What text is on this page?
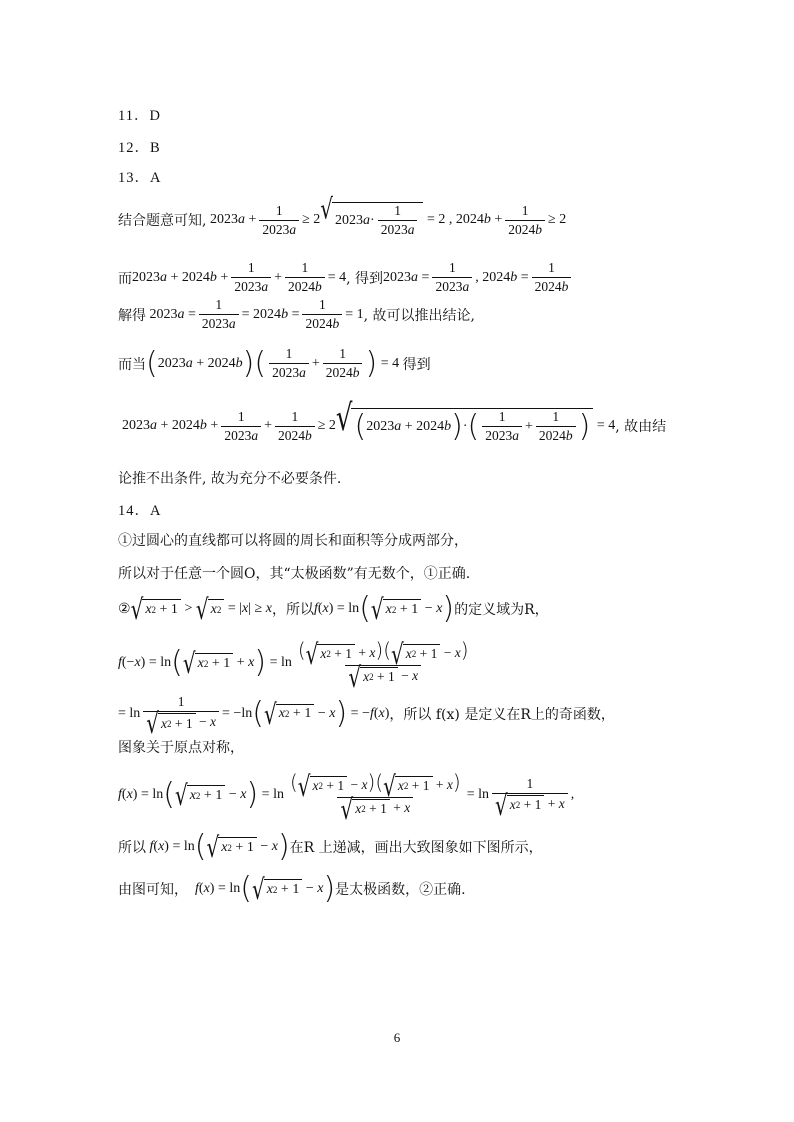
11．D
12．B
13．A
结合题意可知, $2023a + \frac{1}{2023a} \ge 2$ √ $2023a\cdot \frac{1}{2023a} = 2$ , $2024b + \frac{1}{2024b} \ge 2$
而 $2023a + 2024b + \frac{1}{2023a} + \frac{1}{2024b} = 4$ , 得到 $2023a = \frac{1}{2023a}$ , $2024b = \frac{1}{2024b}$
解得 $2023a = \frac{1}{2023a} = 2024b = \frac{1}{2024b} = 1$ , 故可以推出结论,
而当 ( 2023a + 2024b ) ( $\frac{1}{2023a} + \frac{1}{2024b}$ ) = 4 得到
$2023a + 2024b + \frac{1}{2023a} + \frac{1}{2024b} \ge 2$ √ ( 2023a + 2024b ) · ( $\frac{1}{2023a} + \frac{1}{2024b}$ ) = 4 , 故由结
论推不出条件, 故为充分不必要条件.
14．A
①过圆心的直线都可以将圆的周长和面积等分成两部分，
所以对于任意一个圆O，其“太极函数”有无数个，①正确.
② √ x 2 + 1 > √ x 2 = |x| ≥ x ，所以 f(x) = ln ( √ x 2 + 1 − x ) 的定义域为R，
f(−x) = ln ( √ x 2 + 1 + x ) = $\ln \frac{( √ x 2 + 1 + x)( √ x 2 + 1 - x)}{√ x 2 + 1 - x}$
= $\ln \frac{1}{√ x 2 + 1 - x} = -\ln$ ( √ x 2 + 1 − x ) = −f(x) ，所以 f(x) 是定义在R上的奇函数，
图象关于原点对称，
f(x) = ln ( √ x 2 + 1 − x ) = $\ln \frac{( √ x 2 + 1 - x)( √ x 2 + 1 + x)}{√ x 2 + 1 + x} = \ln \frac{1}{√ x 2 + 1 + x}$ ,
所以 f(x) = ln ( √ x 2 + 1 − x ) 在R 上递减，画出大致图象如下图所示，
由图可知， f(x) = ln ( √ x 2 + 1 − x ) 是太极函数，②正确.
6
